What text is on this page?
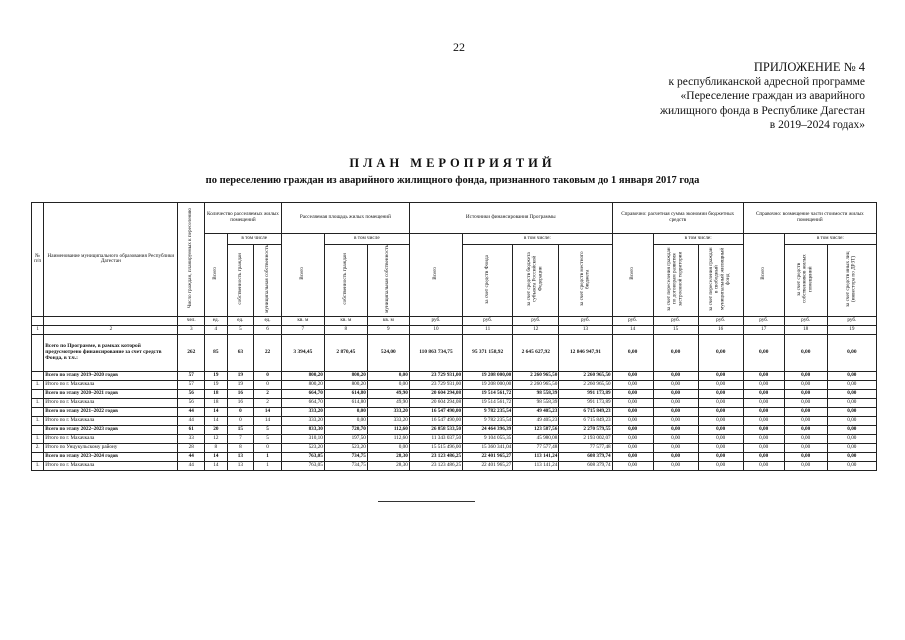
22
ПРИЛОЖЕНИЕ № 4
к республиканской адресной программе
«Переселение граждан из аварийного
жилищного фонда в Республике Дагестан
в 2019–2024 годах»
ПЛАН МЕРОПРИЯТИЙ
по переселению граждан из аварийного жилищного фонда, признанного таковым до 1 января 2017 года
№ п/п	Наименование муниципального образования Республики Дагестан	Число граждан, планируемых к переселению	Количество расселяемых жилых помещений			Расселяемая площадь жилых помещений			Источники финансирования Программы				Справочно: расчетная сумма экономии бюджетных средств			Справочно: возмещение части стоимости жилых помещений		
			Всего	в том числе		Всего	в том числе		Всего	в том числе:			Всего	в том числе:		Всего	в том числе:	
				собственность граждан	муниципальная собственность		собственность граждан	муниципальная собственность		за счет средств Фонда	за счет средств бюджета субъекта Российской Федерации	за счет средств местного бюджета		за счет переселения граждан по договорам развития застроенной территории	за счет переселения граждан в свободный муниципальный жилищный фонд		за счет средств собственников жилых помещений	за счет средств иных лиц (инвестора по ДРЗТ)
		чел.	ед.	ед.	ед.	кв. м	кв. м	кв. м	руб.	руб.	руб.	руб.	руб.	руб.	руб.	руб.	руб.	руб.
1	2	3	4	5	6	7	8	9	10	11	12	13	14	15	16	17	18	19
	Всего по Программе, в рамках которой предусмотрено финансирование за счет средств Фонда, в т.ч.:	262	85	63	22	3 394,45	2 870,45	524,00	110 863 734,75	95 371 158,92	2 645 627,92	12 846 947,91	0,00	0,00	0,00	0,00	0,00	0,00
	Всего по этапу 2019–2020 годов	57	19	19	0	800,20	800,20	0,00	23 729 931,00	19 208 000,00	2 260 965,50	2 260 965,50	0,00	0,00	0,00	0,00	0,00	0,00
1.	Итого по г. Махачкала	57	19	19	0	800,20	800,20	0,00	23 729 931,00	19 208 000,00	2 260 965,50	2 260 965,50	0,00	0,00	0,00	0,00	0,00	0,00
	Всего по этапу 2020–2021 годов	56	18	16	2	664,70	614,80	49,90	20 604 294,08	19 514 561,72	98 558,39	991 173,89	0,00	0,00	0,00	0,00	0,00	0,00
1.	Итого по г. Махачкала	56	18	16	2	664,70	614,80	49,90	20 604 294,08	19 514 561,72	98 558,39	991 173,89	0,00	0,00	0,00	0,00	0,00	0,00
	Всего по этапу 2021–2022 годов	44	14	0	14	333,20	0,00	333,20	16 547 490,00	9 782 235,54	49 405,23	6 715 849,23	0,00	0,00	0,00	0,00	0,00	0,00
1.	Итого по г. Махачкала	44	14	0	14	333,20	0,00	333,20	16 547 490,00	9 782 235,54	49 405,23	6 715 849,23	0,00	0,00	0,00	0,00	0,00	0,00
	Всего по этапу 2022–2023 годов	61	20	15	5	833,30	720,70	112,60	26 858 533,50	24 464 396,39	123 587,56	2 270 579,55	0,00	0,00	0,00	0,00	0,00	0,00
1.	Итого по г. Махачкала	33	12	7	5	310,10	197,50	112,60	11 343 037,50	9 104 055,35	45 980,08	2 193 002,07	0,00	0,00	0,00	0,00	0,00	0,00
2.	Итого по Унцукульскому району	28	8	8	0	523,20	523,20	0,00	15 515 496,00	15 360 341,04	77 577,48	77 577,48	0,00	0,00	0,00	0,00	0,00	0,00
	Всего по этапу 2023–2024 годов	44	14	13	1	763,05	734,75	28,30	23 123 486,25	22 401 965,27	113 141,24	608 379,74	0,00	0,00	0,00	0,00	0,00	0,00
1.	Итого по г. Махачкала	44	14	13	1	763,05	734,75	28,30	23 123 486,25	22 401 965,27	113 141,24	608 379,74	0,00	0,00	0,00	0,00	0,00	0,00
